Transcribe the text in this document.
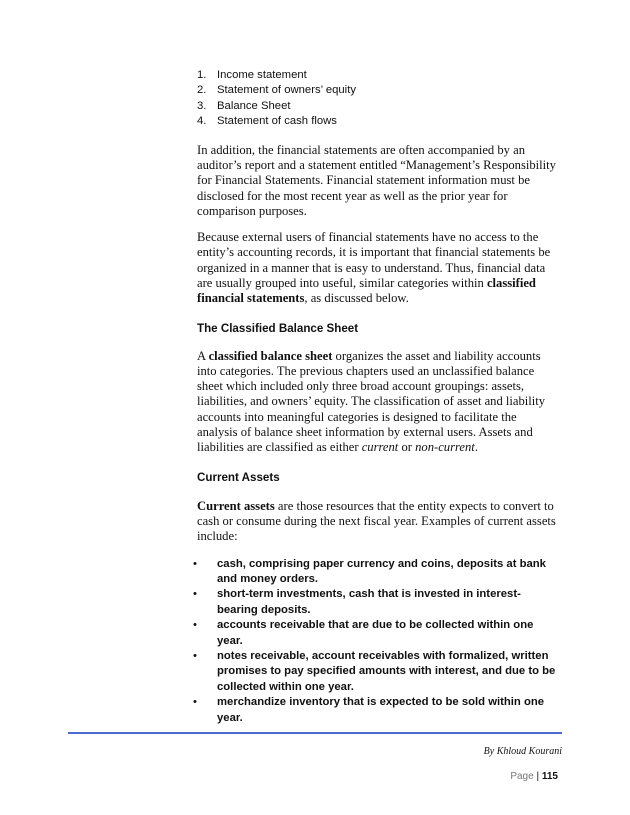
1. Income statement
2. Statement of owners’ equity
3. Balance Sheet
4. Statement of cash flows

In addition, the financial statements are often accompanied by an auditor’s report and a statement entitled “Management’s Responsibility for Financial Statements. Financial statement information must be disclosed for the most recent year as well as the prior year for comparison purposes.

Because external users of financial statements have no access to the entity’s accounting records, it is important that financial statements be organized in a manner that is easy to understand. Thus, financial data are usually grouped into useful, similar categories within classified financial statements, as discussed below.

The Classified Balance Sheet

A classified balance sheet organizes the asset and liability accounts into categories. The previous chapters used an unclassified balance sheet which included only three broad account groupings: assets, liabilities, and owners’ equity. The classification of asset and liability accounts into meaningful categories is designed to facilitate the analysis of balance sheet information by external users. Assets and liabilities are classified as either current or non-current.

Current Assets

Current assets are those resources that the entity expects to convert to cash or consume during the next fiscal year. Examples of current assets include:

•	cash, comprising paper currency and coins, deposits at bank and money orders.
•	short-term investments, cash that is invested in interest-bearing deposits.
•	accounts receivable that are due to be collected within one year.
•	notes receivable, account receivables with formalized, written promises to pay specified amounts with interest, and due to be collected within one year.
•	merchandize inventory that is expected to be sold within one year.
By Khloud Kourani
Page | 115
